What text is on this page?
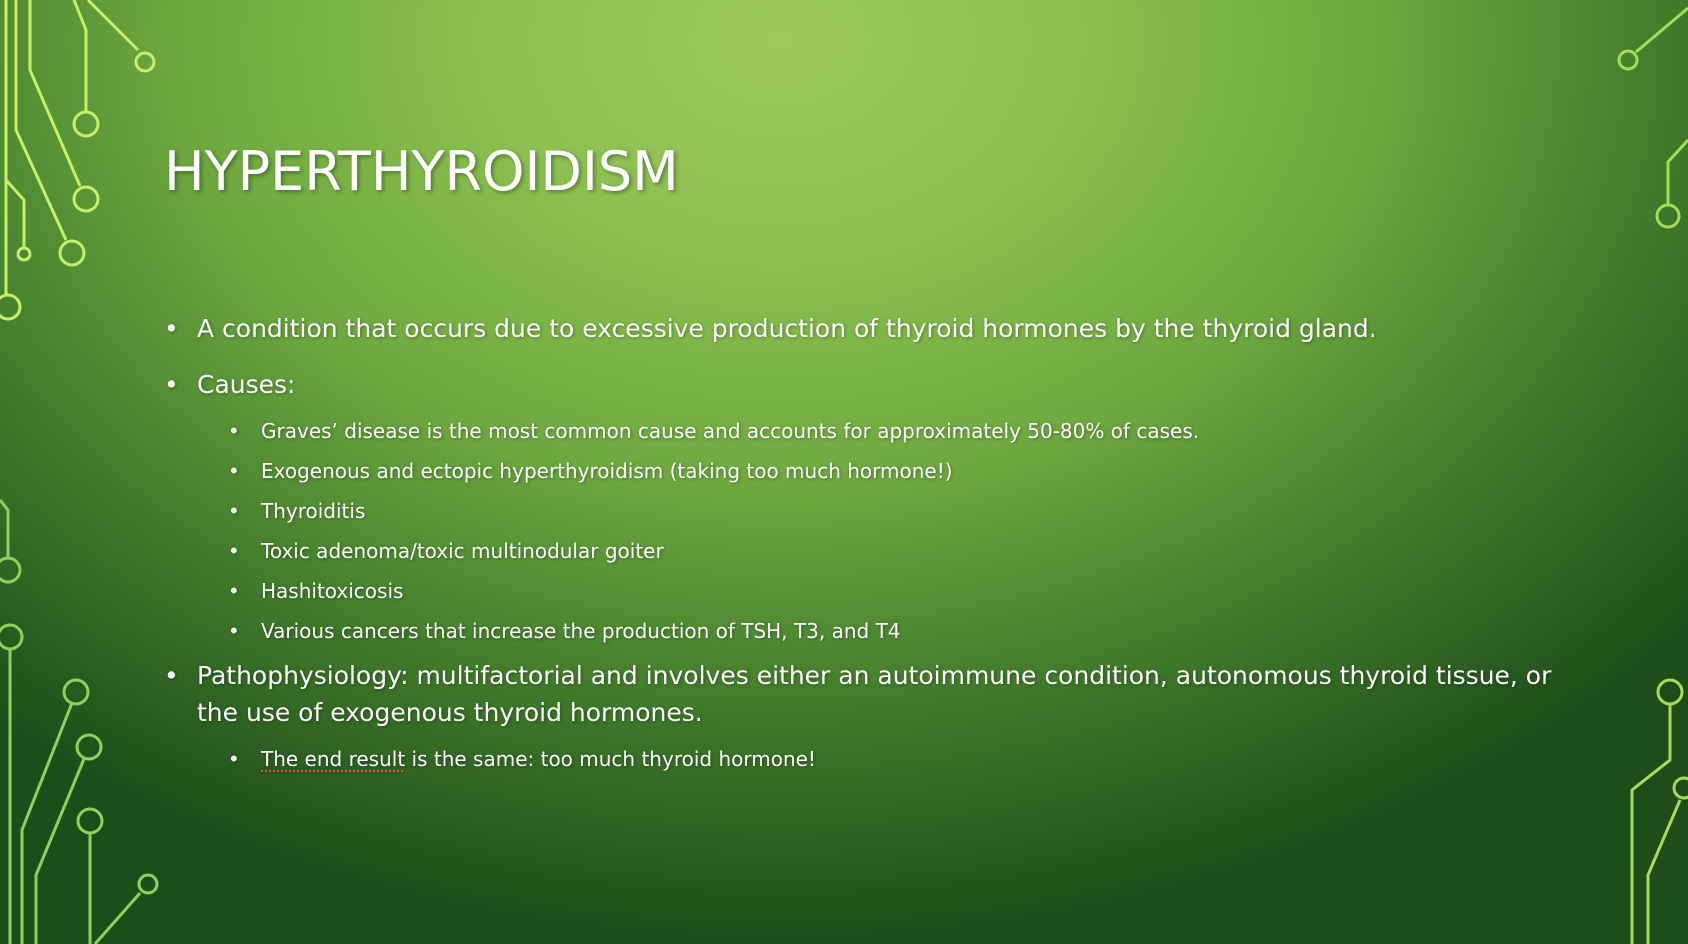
HYPERTHYROIDISM
• A condition that occurs due to excessive production of thyroid hormones by the thyroid gland.
• Causes:
• Graves’ disease is the most common cause and accounts for approximately 50-80% of cases.
• Exogenous and ectopic hyperthyroidism (taking too much hormone!)
• Thyroiditis
• Toxic adenoma/toxic multinodular goiter
• Hashitoxicosis
• Various cancers that increase the production of TSH, T3, and T4
• Pathophysiology: multifactorial and involves either an autoimmune condition, autonomous thyroid tissue, or the use of exogenous thyroid hormones.
• The end result is the same: too much thyroid hormone!
